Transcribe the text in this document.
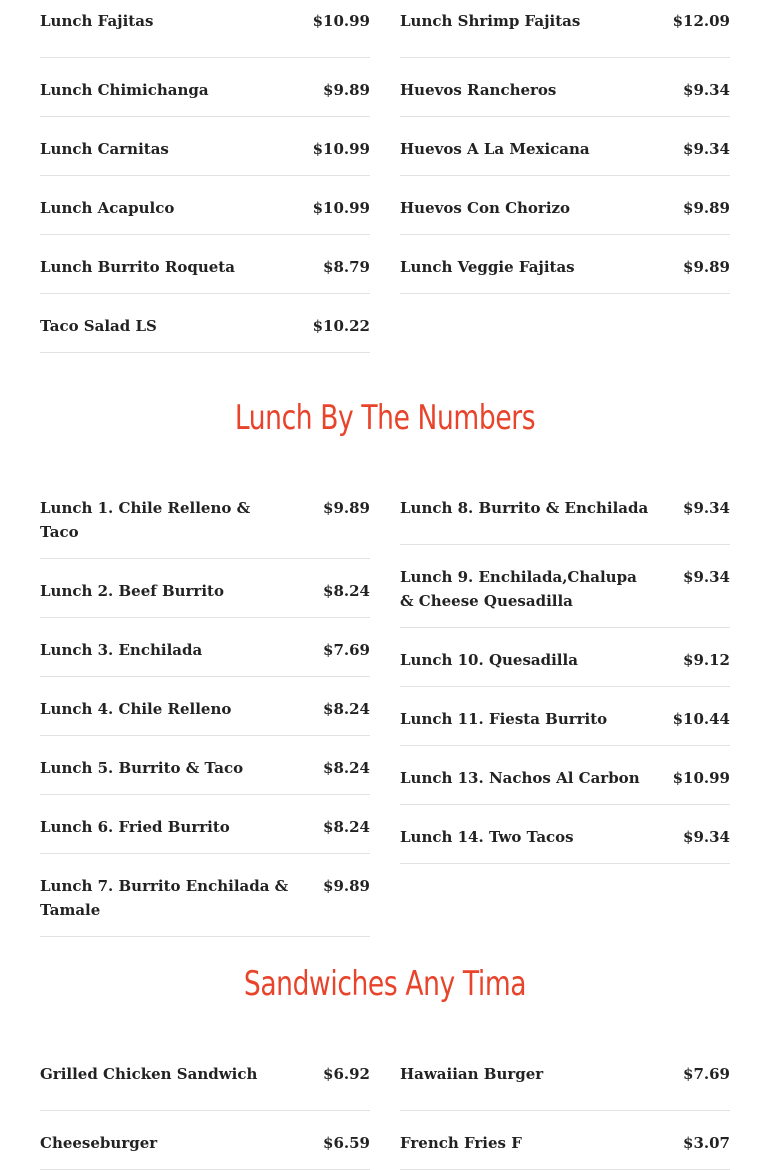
Lunch Fajitas	$10.99
Lunch Chimichanga	$9.89
Lunch Carnitas	$10.99
Lunch Acapulco	$10.99
Lunch Burrito Roqueta	$8.79
Taco Salad LS	$10.22
Lunch Shrimp Fajitas	$12.09
Huevos Rancheros	$9.34
Huevos A La Mexicana	$9.34
Huevos Con Chorizo	$9.89
Lunch Veggie Fajitas	$9.89
Lunch By The Numbers
Lunch 1. Chile Relleno & Taco
$9.89
Lunch 2. Beef Burrito	$8.24
Lunch 3. Enchilada	$7.69
Lunch 4. Chile Relleno	$8.24
Lunch 5. Burrito & Taco	$8.24
Lunch 6. Fried Burrito	$8.24
Lunch 7. Burrito Enchilada & Tamale
$9.89
Lunch 8. Burrito & Enchilada	$9.34
Lunch 9. Enchilada,Chalupa & Cheese Quesadilla
$9.34
Lunch 10. Quesadilla	$9.12
Lunch 11. Fiesta Burrito	$10.44
Lunch 13. Nachos Al Carbon	$10.99
Lunch 14. Two Tacos	$9.34
Sandwiches Any Tima
Grilled Chicken Sandwich	$6.92
Cheeseburger	$6.59
Hawaiian Burger	$7.69
French Fries F	$3.07
